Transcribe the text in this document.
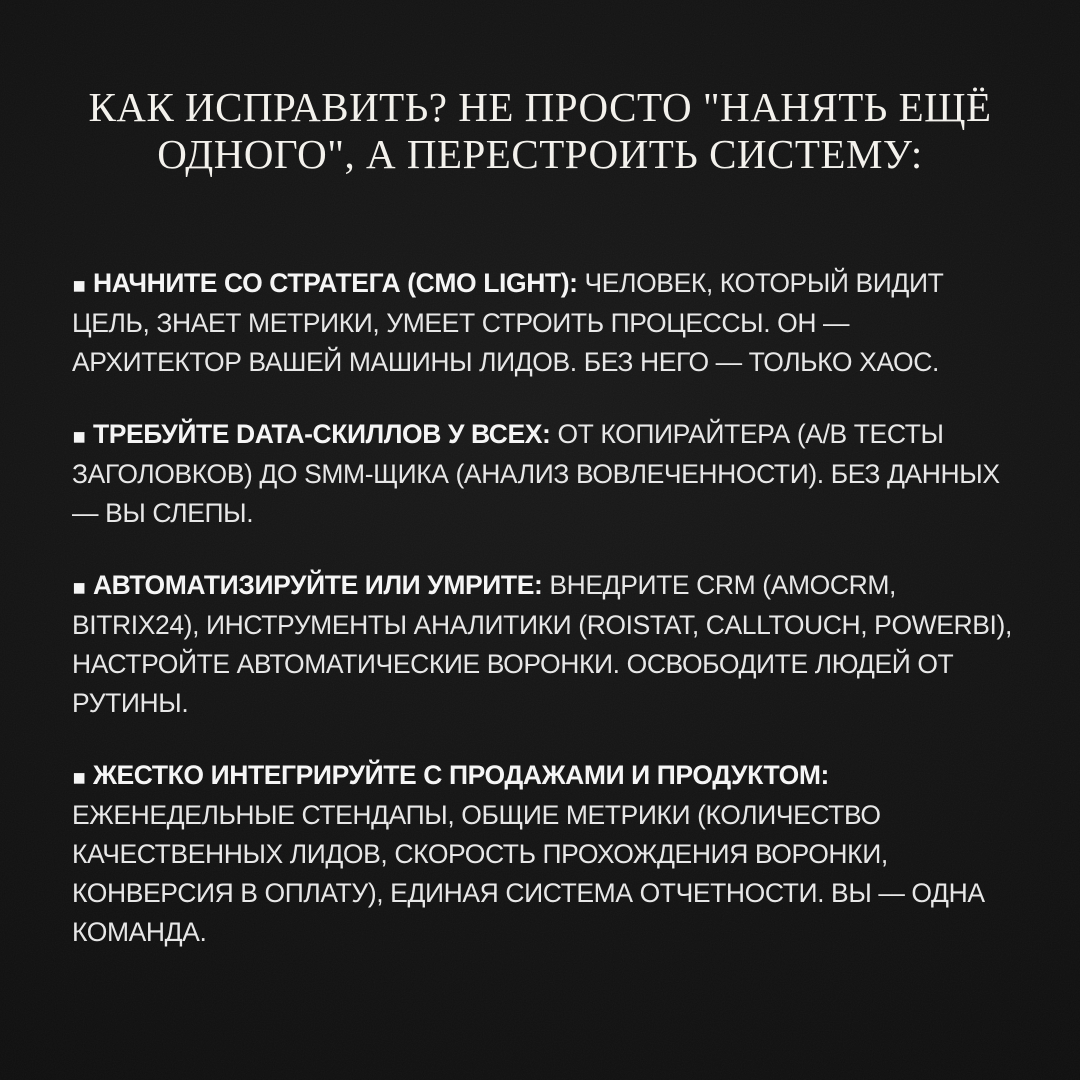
КАК ИСПРАВИТЬ? НЕ ПРОСТО "НАНЯТЬ ЕЩЁ
ОДНОГО", А ПЕРЕСТРОИТЬ СИСТЕМУ:

▪ НАЧНИТЕ СО СТРАТЕГА (CMO LIGHT): ЧЕЛОВЕК, КОТОРЫЙ ВИДИТ ЦЕЛЬ, ЗНАЕТ МЕТРИКИ, УМЕЕТ СТРОИТЬ ПРОЦЕССЫ. ОН — АРХИТЕКТОР ВАШЕЙ МАШИНЫ ЛИДОВ. БЕЗ НЕГО — ТОЛЬКО ХАОС.

▪ ТРЕБУЙТЕ DATA-СКИЛЛОВ У ВСЕХ: ОТ КОПИРАЙТЕРА (A/B ТЕСТЫ ЗАГОЛОВКОВ) ДО SMM-ЩИКА (АНАЛИЗ ВОВЛЕЧЕННОСТИ). БЕЗ ДАННЫХ — ВЫ СЛЕПЫ.

▪ АВТОМАТИЗИРУЙТЕ ИЛИ УМРИТЕ: ВНЕДРИТЕ CRM (AMOCRM, BITRIX24), ИНСТРУМЕНТЫ АНАЛИТИКИ (ROISTAT, CALLTOUCH, POWERBI), НАСТРОЙТЕ АВТОМАТИЧЕСКИЕ ВОРОНКИ. ОСВОБОДИТЕ ЛЮДЕЙ ОТ РУТИНЫ.

▪ ЖЕСТКО ИНТЕГРИРУЙТЕ С ПРОДАЖАМИ И ПРОДУКТОМ: ЕЖЕНЕДЕЛЬНЫЕ СТЕНДАПЫ, ОБЩИЕ МЕТРИКИ (КОЛИЧЕСТВО КАЧЕСТВЕННЫХ ЛИДОВ, СКОРОСТЬ ПРОХОЖДЕНИЯ ВОРОНКИ, КОНВЕРСИЯ В ОПЛАТУ), ЕДИНАЯ СИСТЕМА ОТЧЕТНОСТИ. ВЫ — ОДНА КОМАНДА.
